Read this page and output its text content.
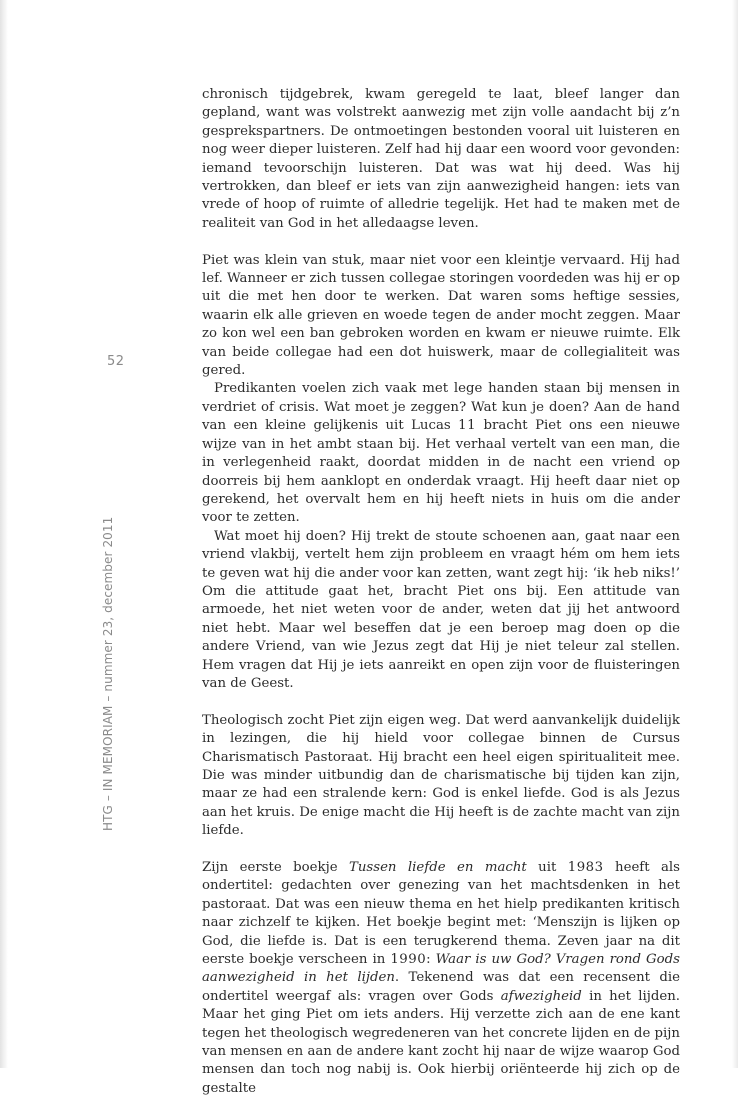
52
HTG – IN MEMORIAM – nummer 23, december 2011

chronisch tijdgebrek, kwam geregeld te laat, bleef langer dan gepland, want was volstrekt aanwezig met zijn volle aandacht bij z’n gesprekspartners. De ontmoetingen bestonden vooral uit luisteren en nog weer dieper luisteren. Zelf had hij daar een woord voor gevonden: iemand tevoorschijn luisteren. Dat was wat hij deed. Was hij vertrokken, dan bleef er iets van zijn aanwezigheid hangen: iets van vrede of hoop of ruimte of alledrie tegelijk. Het had te maken met de realiteit van God in het alledaagse leven.

Piet was klein van stuk, maar niet voor een kleintje vervaard. Hij had lef. Wanneer er zich tussen collegae storingen voordeden was hij er op uit die met hen door te werken. Dat waren soms heftige sessies, waarin elk alle grieven en woede tegen de ander mocht zeggen. Maar zo kon wel een ban gebroken worden en kwam er nieuwe ruimte. Elk van beide collegae had een dot huiswerk, maar de collegialiteit was gered.

Predikanten voelen zich vaak met lege handen staan bij mensen in verdriet of crisis. Wat moet je zeggen? Wat kun je doen? Aan de hand van een kleine gelijkenis uit Lucas 11 bracht Piet ons een nieuwe wijze van in het ambt staan bij. Het verhaal vertelt van een man, die in verlegenheid raakt, doordat midden in de nacht een vriend op doorreis bij hem aanklopt en onderdak vraagt. Hij heeft daar niet op gerekend, het overvalt hem en hij heeft niets in huis om die ander voor te zetten.

Wat moet hij doen? Hij trekt de stoute schoenen aan, gaat naar een vriend vlakbij, vertelt hem zijn probleem en vraagt hém om hem iets te geven wat hij die ander voor kan zetten, want zegt hij: ‘ik heb niks!’ Om die attitude gaat het, bracht Piet ons bij. Een attitude van armoede, het niet weten voor de ander, weten dat jij het antwoord niet hebt. Maar wel beseffen dat je een beroep mag doen op die andere Vriend, van wie Jezus zegt dat Hij je niet teleur zal stellen. Hem vragen dat Hij je iets aanreikt en open zijn voor de fluisteringen van de Geest.

Theologisch zocht Piet zijn eigen weg. Dat werd aanvankelijk duidelijk in lezingen, die hij hield voor collegae binnen de Cursus Charismatisch Pastoraat. Hij bracht een heel eigen spiritualiteit mee. Die was minder uitbundig dan de charismatische bij tijden kan zijn, maar ze had een stralende kern: God is enkel liefde. God is als Jezus aan het kruis. De enige macht die Hij heeft is de zachte macht van zijn liefde.

Zijn eerste boekje Tussen liefde en macht uit 1983 heeft als ondertitel: gedachten over genezing van het machtsdenken in het pastoraat. Dat was een nieuw thema en het hielp predikanten kritisch naar zichzelf te kijken. Het boekje begint met: ‘Menszijn is lijken op God, die liefde is. Dat is een terugkerend thema. Zeven jaar na dit eerste boekje verscheen in 1990: Waar is uw God? Vragen rond Gods aanwezigheid in het lijden. Tekenend was dat een recensent die ondertitel weergaf als: vragen over Gods afwezigheid in het lijden. Maar het ging Piet om iets anders. Hij verzette zich aan de ene kant tegen het theologisch wegredeneren van het concrete lijden en de pijn van mensen en aan de andere kant zocht hij naar de wijze waarop God mensen dan toch nog nabij is. Ook hierbij oriënteerde hij zich op de gestalte
